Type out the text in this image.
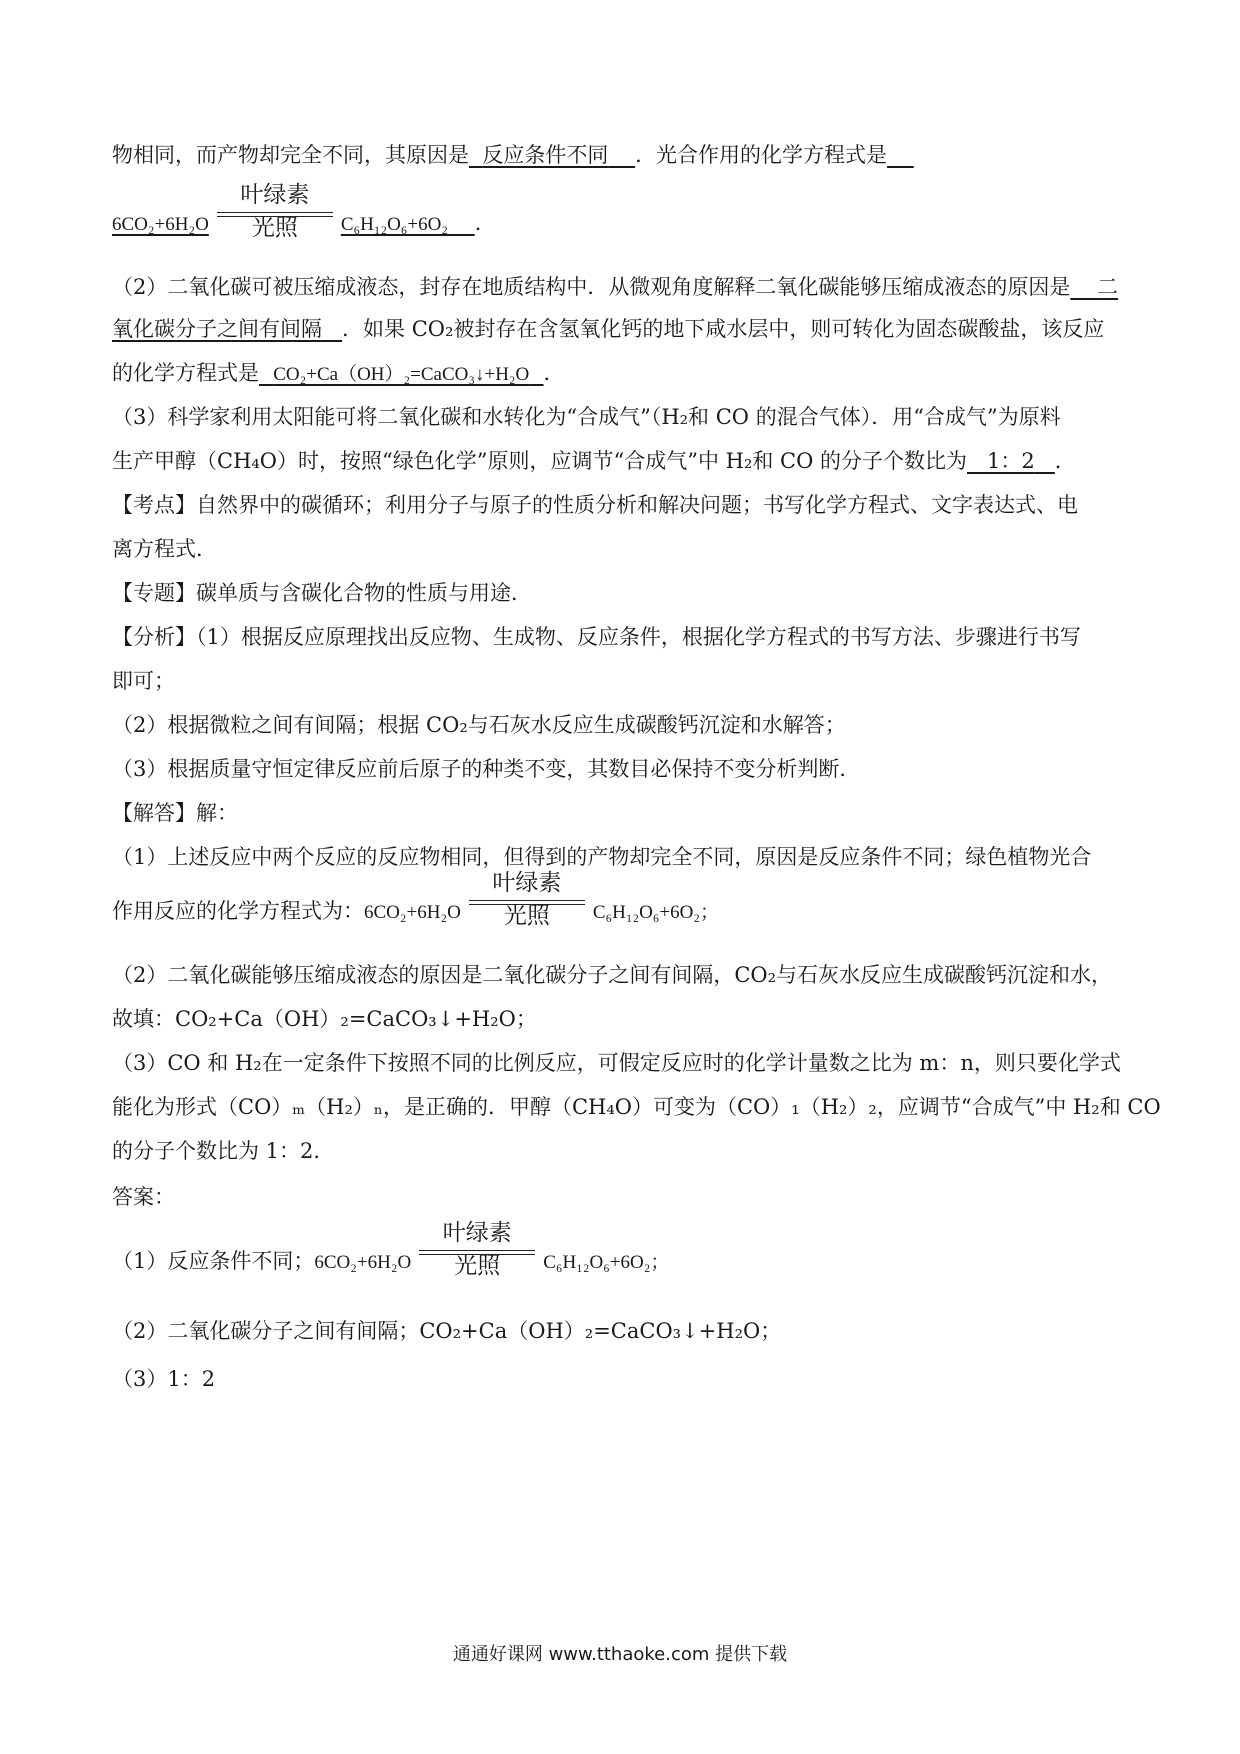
物相同，而产物却完全不同，其原因是 反应条件不同 ．光合作用的化学方程式是
6CO₂+6H₂O
叶绿素
光照	C₆H₁₂O₆+6O₂ ．
（2）二氧化碳可被压缩成液态，封存在地质结构中．从微观角度解释二氧化碳能够压缩成液态的原因是 二
氧化碳分子之间有间隔 ．如果 CO₂被封存在含氢氧化钙的地下咸水层中，则可转化为固态碳酸盐，该反应
的化学方程式是 CO₂+Ca（OH）₂=CaCO₃↓+H₂O ．
（3）科学家利用太阳能可将二氧化碳和水转化为“合成气”（H₂和 CO 的混合气体）．用“合成气”为原料
生产甲醇（CH₄O）时，按照“绿色化学”原则，应调节“合成气”中 H₂和 CO 的分子个数比为 1：2 ．
【考点】自然界中的碳循环；利用分子与原子的性质分析和解决问题；书写化学方程式、文字表达式、电
离方程式．
【专题】碳单质与含碳化合物的性质与用途．
【分析】（1）根据反应原理找出反应物、生成物、反应条件，根据化学方程式的书写方法、步骤进行书写
即可；
（2）根据微粒之间有间隔；根据 CO₂与石灰水反应生成碳酸钙沉淀和水解答；
（3）根据质量守恒定律反应前后原子的种类不变，其数目必保持不变分析判断．
【解答】解：
（1）上述反应中两个反应的反应物相同，但得到的产物却完全不同，原因是反应条件不同；绿色植物光合
作用反应的化学方程式为：6CO₂+6H₂O
叶绿素
光照	C₆H₁₂O₆+6O₂；
（2）二氧化碳能够压缩成液态的原因是二氧化碳分子之间有间隔，CO₂与石灰水反应生成碳酸钙沉淀和水，
故填：CO₂+Ca（OH）₂=CaCO₃↓+H₂O；
（3）CO 和 H₂在一定条件下按照不同的比例反应，可假定反应时的化学计量数之比为 m：n，则只要化学式
能化为形式（CO）ₘ（H₂）ₙ，是正确的．甲醇（CH₄O）可变为（CO）₁（H₂）₂，应调节“合成气”中 H₂和 CO
的分子个数比为 1：2.
答案：
（1）反应条件不同；6CO₂+6H₂O
叶绿素
光照	C₆H₁₂O₆+6O₂；
（2）二氧化碳分子之间有间隔；CO₂+Ca（OH）₂=CaCO₃↓+H₂O；
（3）1：2
通通好课网 www.tthaoke.com 提供下载
